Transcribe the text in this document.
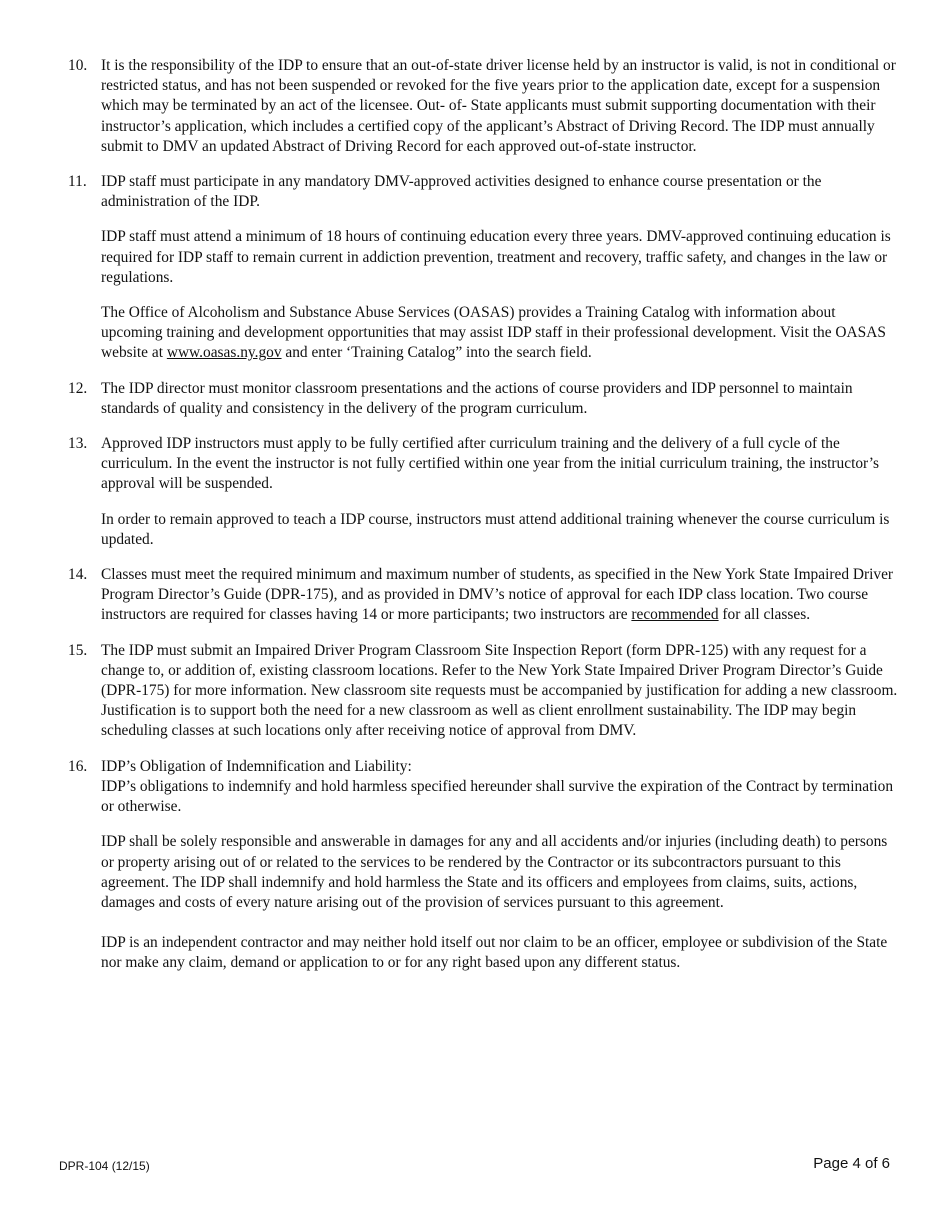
10. It is the responsibility of the IDP to ensure that an out-of-state driver license held by an instructor is valid, is not in conditional or restricted status, and has not been suspended or revoked for the five years prior to the application date, except for a suspension which may be terminated by an act of the licensee. Out- of- State applicants must submit supporting documentation with their instructor’s application, which includes a certified copy of the applicant’s Abstract of Driving Record. The IDP must annually submit to DMV an updated Abstract of Driving Record for each approved out-of-state instructor.

11. IDP staff must participate in any mandatory DMV-approved activities designed to enhance course presentation or the administration of the IDP.

IDP staff must attend a minimum of 18 hours of continuing education every three years. DMV-approved continuing education is required for IDP staff to remain current in addiction prevention, treatment and recovery, traffic safety, and changes in the law or regulations.

The Office of Alcoholism and Substance Abuse Services (OASAS) provides a Training Catalog with information about upcoming training and development opportunities that may assist IDP staff in their professional development. Visit the OASAS website at www.oasas.ny.gov and enter ‘Training Catalog” into the search field.

12. The IDP director must monitor classroom presentations and the actions of course providers and IDP personnel to maintain standards of quality and consistency in the delivery of the program curriculum.

13. Approved IDP instructors must apply to be fully certified after curriculum training and the delivery of a full cycle of the curriculum. In the event the instructor is not fully certified within one year from the initial curriculum training, the instructor’s approval will be suspended.

In order to remain approved to teach a IDP course, instructors must attend additional training whenever the course curriculum is updated.

14. Classes must meet the required minimum and maximum number of students, as specified in the New York State Impaired Driver Program Director’s Guide (DPR-175), and as provided in DMV’s notice of approval for each IDP class location. Two course instructors are required for classes having 14 or more participants; two instructors are recommended for all classes.

15. The IDP must submit an Impaired Driver Program Classroom Site Inspection Report (form DPR-125) with any request for a change to, or addition of, existing classroom locations. Refer to the New York State Impaired Driver Program Director’s Guide (DPR-175) for more information. New classroom site requests must be accompanied by justification for adding a new classroom. Justification is to support both the need for a new classroom as well as client enrollment sustainability. The IDP may begin scheduling classes at such locations only after receiving notice of approval from DMV.

16. IDP’s Obligation of Indemnification and Liability:

IDP’s obligations to indemnify and hold harmless specified hereunder shall survive the expiration of the Contract by termination or otherwise.

IDP shall be solely responsible and answerable in damages for any and all accidents and/or injuries (including death) to persons or property arising out of or related to the services to be rendered by the Contractor or its subcontractors pursuant to this agreement. The IDP shall indemnify and hold harmless the State and its officers and employees from claims, suits, actions, damages and costs of every nature arising out of the provision of services pursuant to this agreement.

IDP is an independent contractor and may neither hold itself out nor claim to be an officer, employee or subdivision of the State nor make any claim, demand or application to or for any right based upon any different status.

DPR-104 (12/15)	Page 4 of 6
